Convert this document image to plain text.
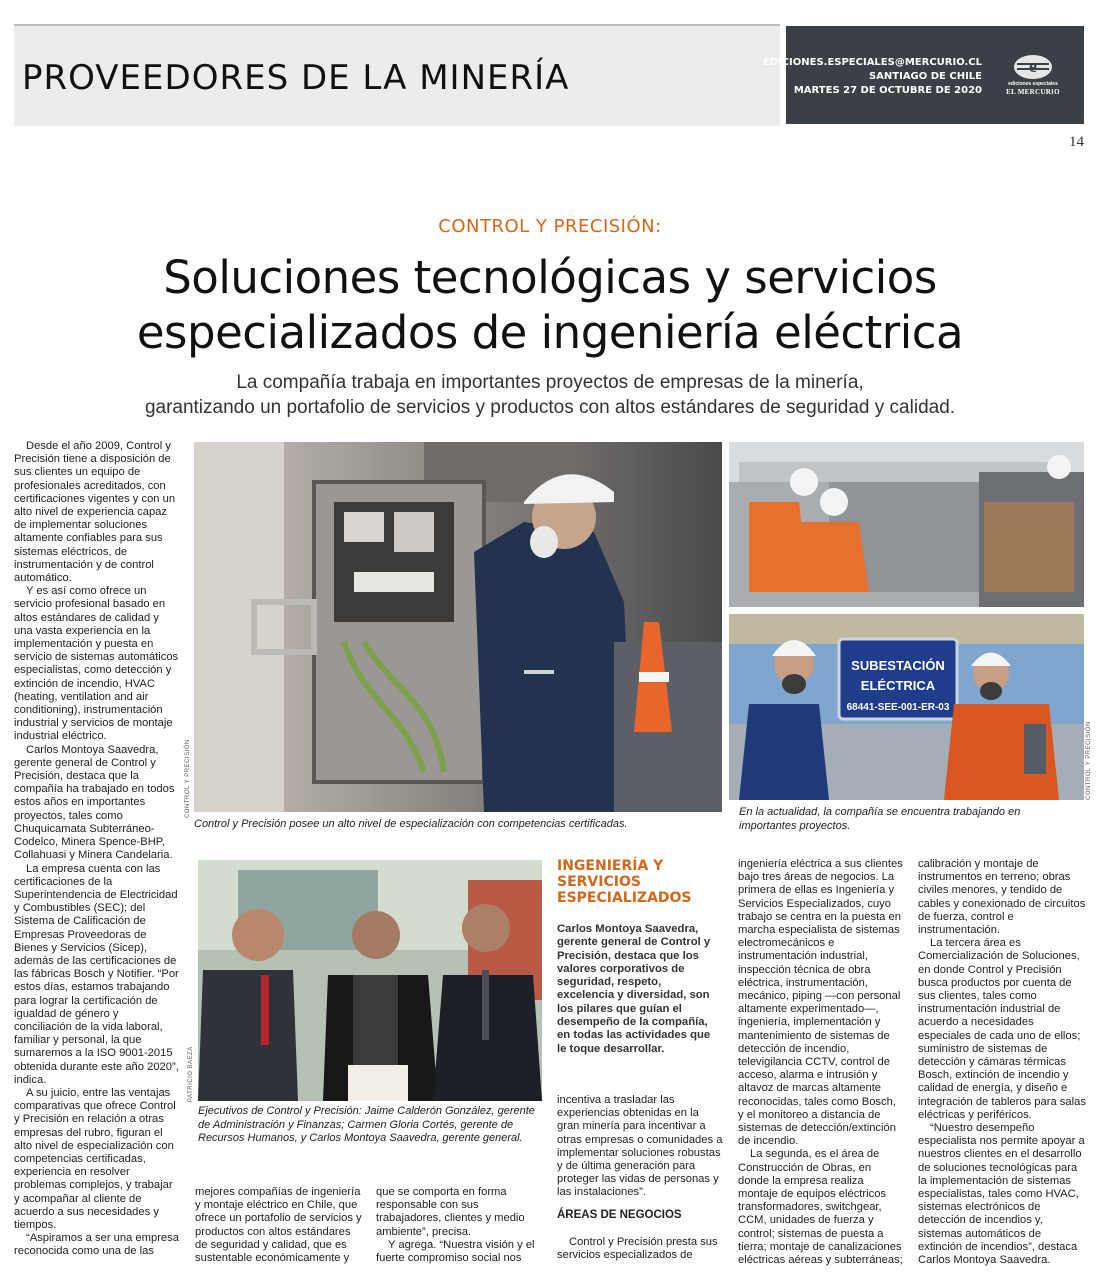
PROVEEDORES DE LA MINERÍA	EDICIONES.ESPECIALES@MERCURIO.CL
SANTIAGO DE CHILE
MARTES 27 DE OCTUBRE DE 2020
e
ediciones especiales
EL MERCURIO
14
CONTROL Y PRECISIÓN:
Soluciones tecnológicas y servicios
especializados de ingeniería eléctrica
La compañía trabaja en importantes proyectos de empresas de la minería,
garantizando un portafolio de servicios y productos con altos estándares de seguridad y calidad.

Desde el año 2009, Control y Precisión tiene a disposición de sus clientes un equipo de profesionales acreditados, con certificaciones vigentes y con un alto nivel de experiencia capaz de implementar soluciones altamente confiables para sus sistemas eléctricos, de instrumentación y de control automático.

Y es así como ofrece un servicio profesional basado en altos estándares de calidad y una vasta experiencia en la implementación y puesta en servicio de sistemas automáticos especialistas, como detección y extinción de incendio, HVAC (heating, ventilation and air conditioning), instrumentación industrial y servicios de montaje industrial eléctrico.

Carlos Montoya Saavedra, gerente general de Control y Precisión, destaca que la compañía ha trabajado en todos estos años en importantes proyectos, tales como Chuquicamata Subterráneo-Codelco, Minera Spence-BHP, Collahuasi y Minera Candelaria.

La empresa cuenta con las certificaciones de la Superintendencia de Electricidad y Combustibles (SEC); del Sistema de Calificación de Empresas Proveedoras de Bienes y Servicios (Sicep), además de las certificaciones de las fábricas Bosch y Notifier. “Por estos días, estamos trabajando para lograr la certificación de igualdad de género y conciliación de la vida laboral, familiar y personal, la que sumaremos a la ISO 9001-2015 obtenida durante este año 2020”, indica.

A su juicio, entre las ventajas comparativas que ofrece Control y Precisión en relación a otras empresas del rubro, figuran el alto nivel de especialización con competencias certificadas, experiencia en resolver problemas complejos, y trabajar y acompañar al cliente de acuerdo a sus necesidades y tiempos.

“Aspiramos a ser una empresa reconocida como una de las

CONTROL Y PRECISIÓN
Control y Precisión posee un alto nivel de especialización con competencias certificadas.
SUBESTACIÓN
ELÉCTRICA
68441-SEE-001-ER-03
CONTROL Y PRECISIÓN
En la actualidad, la compañía se encuentra trabajando en importantes proyectos.
PATRICIO BAEZA
Ejecutivos de Control y Precisión: Jaime Calderón González, gerente de Administración y Finanzas; Carmen Gloria Cortés, gerente de Recursos Humanos, y Carlos Montoya Saavedra, gerente general.

mejores compañías de ingeniería y montaje eléctrico en Chile, que ofrece un portafolio de servicios y productos con altos estándares de seguridad y calidad, que es sustentable económicamente y

que se comporta en forma responsable con sus trabajadores, clientes y medio ambiente”, precisa.

Y agrega. “Nuestra visión y el fuerte compromiso social nos

INGENIERÍA Y SERVICIOS ESPECIALIZADOS
Carlos Montoya Saavedra, gerente general de Control y Precisión, destaca que los valores corporativos de seguridad, respeto, excelencia y diversidad, son los pilares que guían el desempeño de la compañía, en todas las actividades que le toque desarrollar.

incentiva a trasladar las experiencias obtenidas en la gran minería para incentivar a otras empresas o comunidades a implementar soluciones robustas y de última generación para proteger las vidas de personas y las instalaciones”.

ÁREAS DE NEGOCIOS

Control y Precisión presta sus servicios especializados de

ingeniería eléctrica a sus clientes bajo tres áreas de negocios. La primera de ellas es Ingeniería y Servicios Especializados, cuyo trabajo se centra en la puesta en marcha especialista de sistemas electromecánicos e instrumentación industrial, inspección técnica de obra eléctrica, instrumentación, mecánico, piping —con personal altamente experimentado—, ingeniería, implementación y mantenimiento de sistemas de detección de incendio, televigilancia CCTV, control de acceso, alarma e intrusión y altavoz de marcas altamente reconocidas, tales como Bosch, y el monitoreo a distancia de sistemas de detección/extinción de incendio.

La segunda, es el área de Construcción de Obras, en donde la empresa realiza montaje de equipos eléctricos transformadores, switchgear, CCM, unidades de fuerza y control; sistemas de puesta a tierra; montaje de canalizaciones eléctricas aéreas y subterráneas;

calibración y montaje de instrumentos en terreno; obras civiles menores, y tendido de cables y conexionado de circuitos de fuerza, control e instrumentación.

La tercera área es Comercialización de Soluciones, en donde Control y Precisión busca productos por cuenta de sus clientes, tales como instrumentación industrial de acuerdo a necesidades especiales de cada uno de ellos; suministro de sistemas de detección y cámaras térmicas Bosch, extinción de incendio y calidad de energía, y diseño e integración de tableros para salas eléctricas y periféricos.

“Nuestro desempeño especialista nos permite apoyar a nuestros clientes en el desarrollo de soluciones tecnológicas para la implementación de sistemas especialistas, tales como HVAC, sistemas electrónicos de detección de incendios y, sistemas automáticos de extinción de incendios”, destaca Carlos Montoya Saavedra.
